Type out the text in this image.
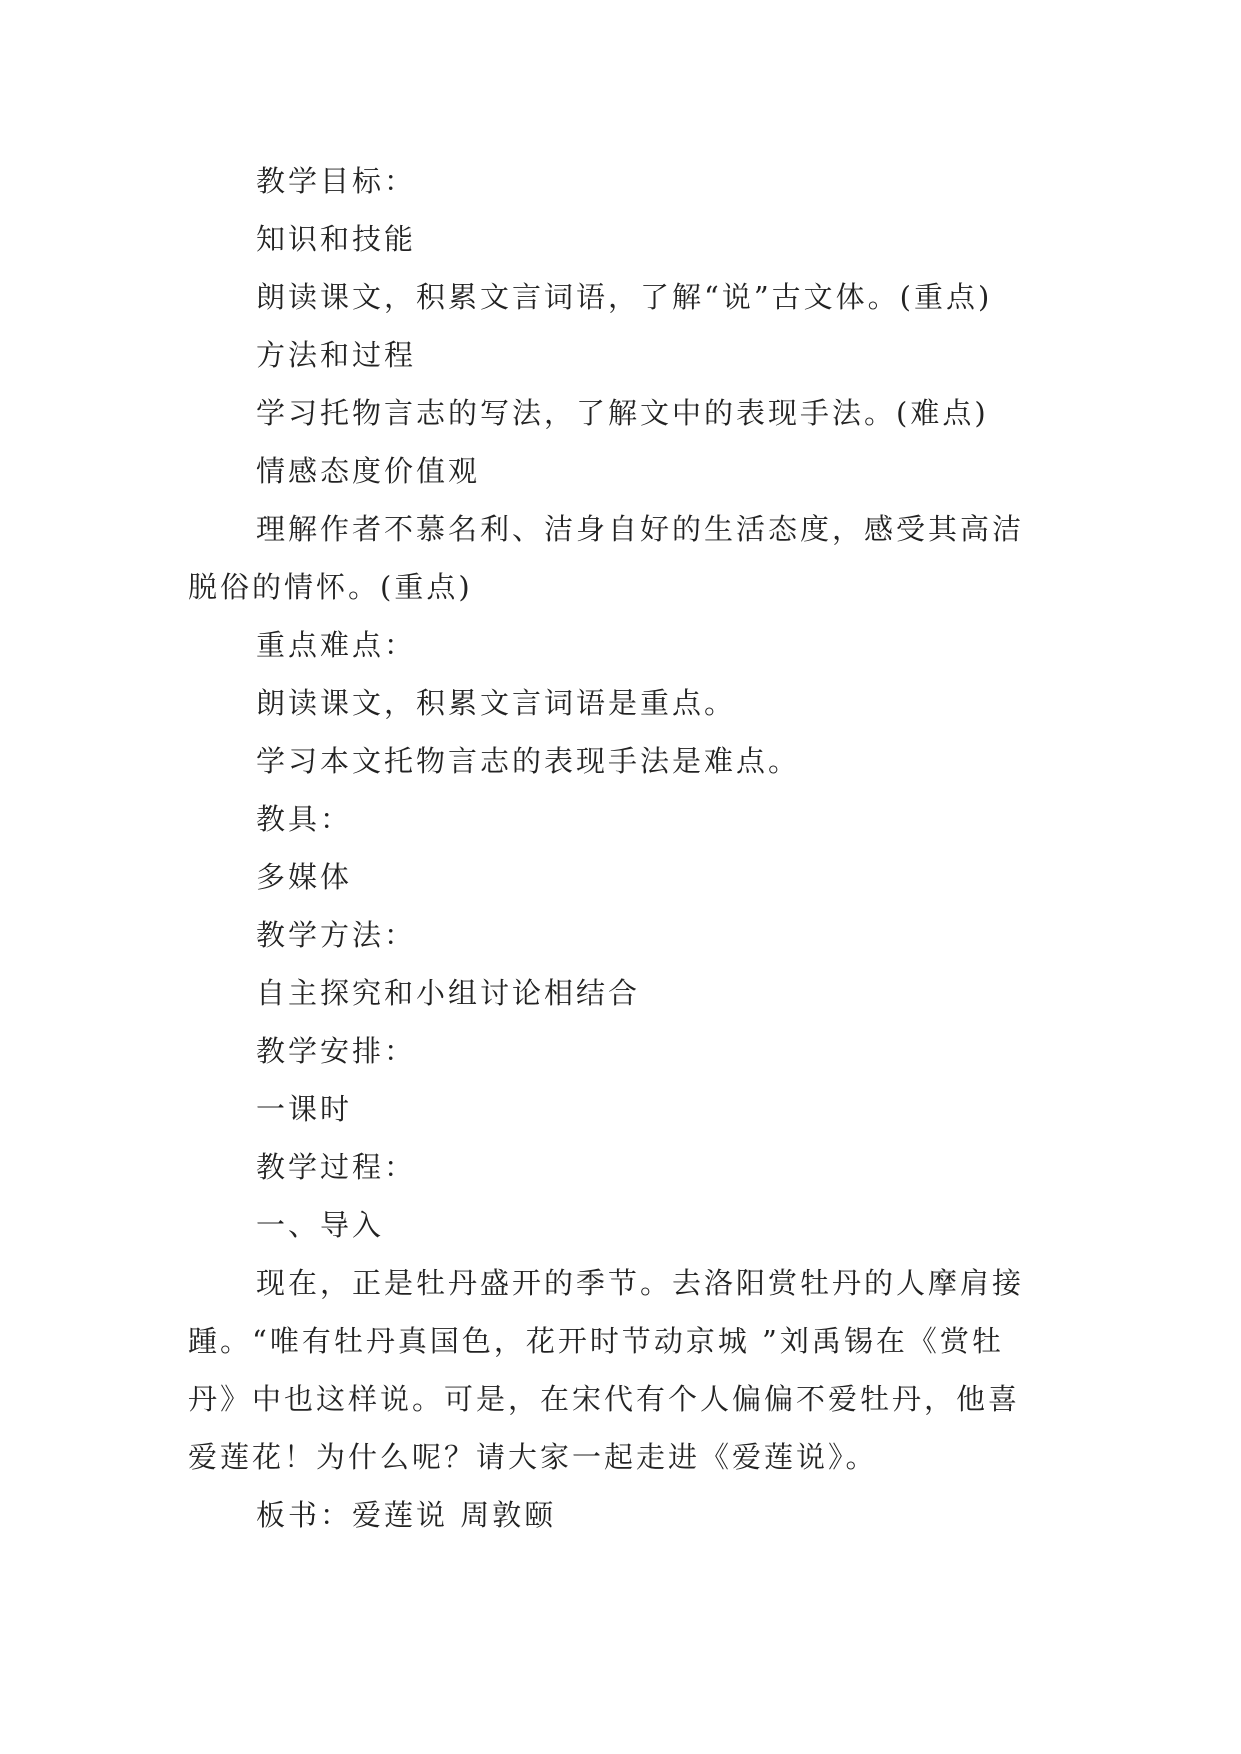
教学目标：

知识和技能

朗读课文，积累文言词语，了解“说”古文体。(重点)

方法和过程

学习托物言志的写法，了解文中的表现手法。(难点)

情感态度价值观

理解作者不慕名利、洁身自好的生活态度，感受其高洁脱俗的情怀。(重点)

重点难点：

朗读课文，积累文言词语是重点。

学习本文托物言志的表现手法是难点。

教具：

多媒体

教学方法：

自主探究和小组讨论相结合

教学安排：

一课时

教学过程：

一、导入

现在，正是牡丹盛开的季节。去洛阳赏牡丹的人摩肩接踵。“唯有牡丹真国色，花开时节动京城 ”刘禹锡在《赏牡丹》中也这样说。可是，在宋代有个人偏偏不爱牡丹，他喜爱莲花！为什么呢？请大家一起走进《爱莲说》。

板书：爱莲说 周敦颐
